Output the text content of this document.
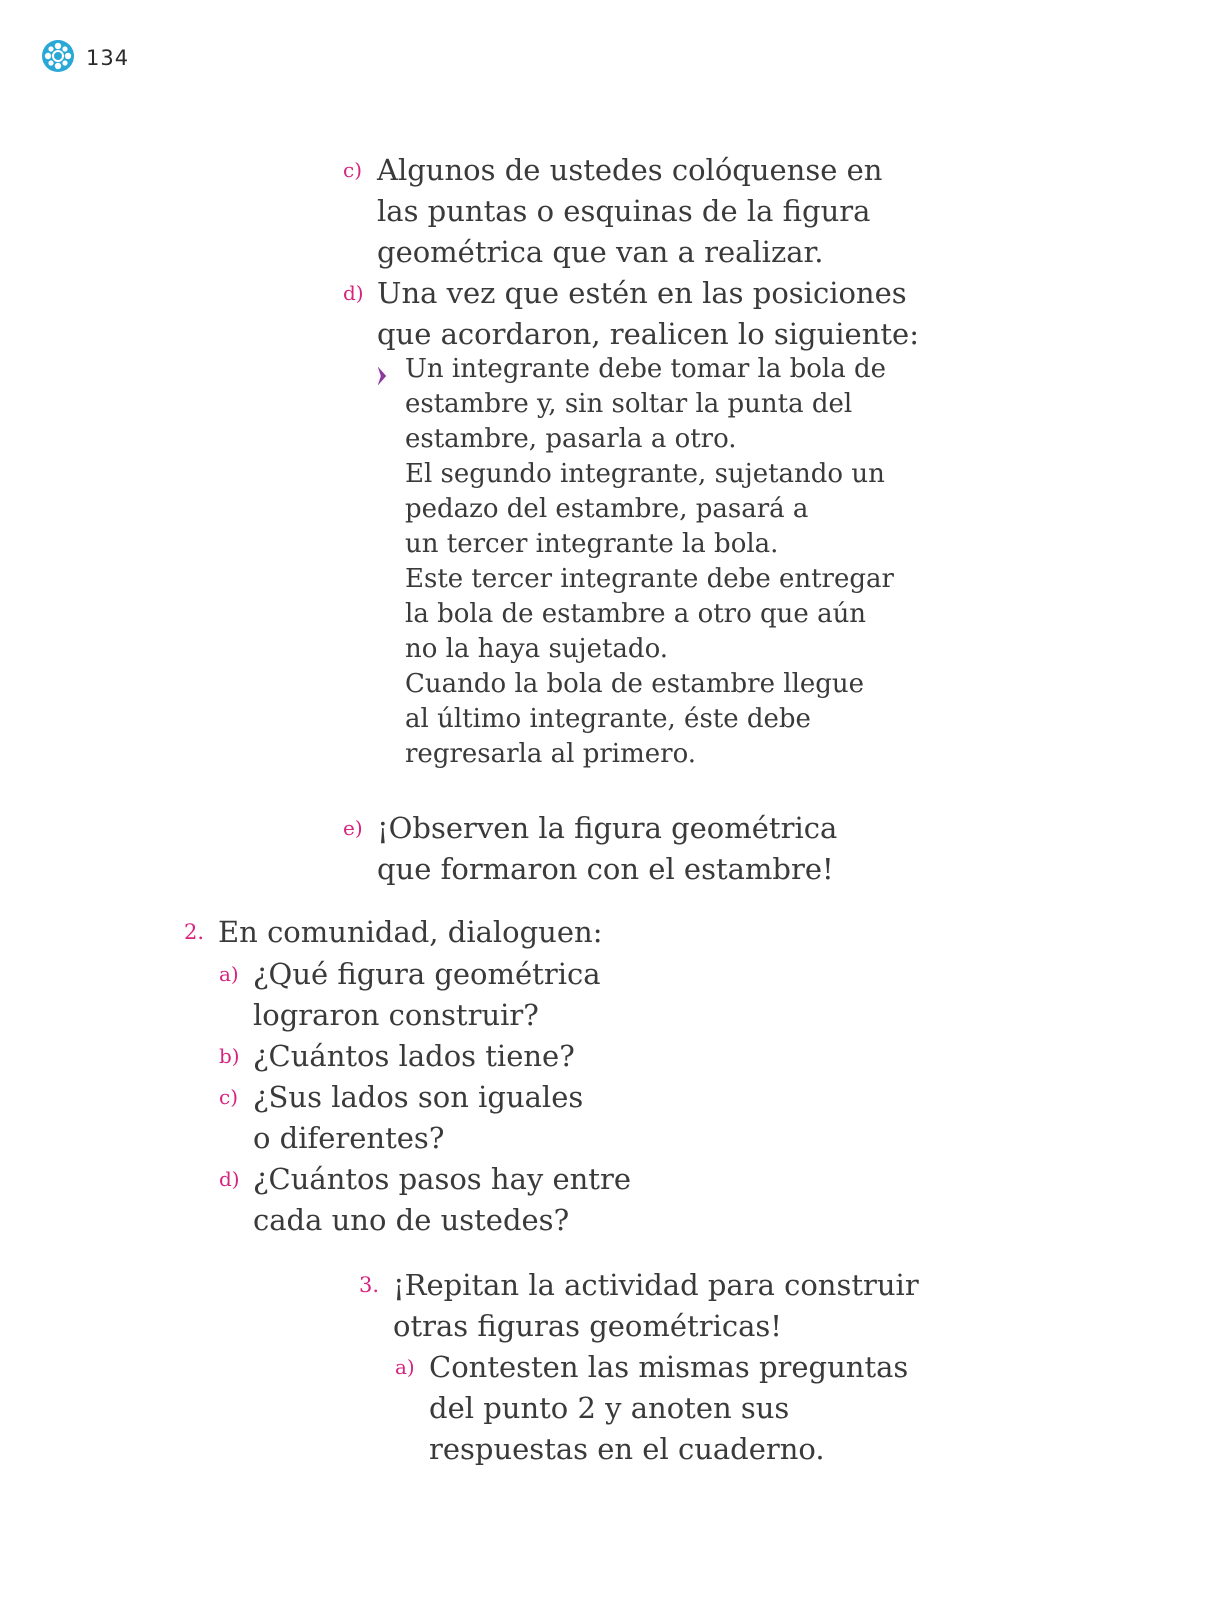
134
c) Algunos de ustedes colóquense en
las puntas o esquinas de la figura
geométrica que van a realizar.
d) Una vez que estén en las posiciones
que acordaron, realicen lo siguiente:
Un integrante debe tomar la bola de
estambre y, sin soltar la punta del
estambre, pasarla a otro.
El segundo integrante, sujetando un
pedazo del estambre, pasará a
un tercer integrante la bola.
Este tercer integrante debe entregar
la bola de estambre a otro que aún
no la haya sujetado.
Cuando la bola de estambre llegue
al último integrante, éste debe
regresarla al primero.
e) ¡Observen la figura geométrica
que formaron con el estambre!
2. En comunidad, dialoguen:
a) ¿Qué figura geométrica
lograron construir?
b) ¿Cuántos lados tiene?
c) ¿Sus lados son iguales
o diferentes?
d) ¿Cuántos pasos hay entre
cada uno de ustedes?
3. ¡Repitan la actividad para construir
otras figuras geométricas!
a) Contesten las mismas preguntas
del punto 2 y anoten sus
respuestas en el cuaderno.
